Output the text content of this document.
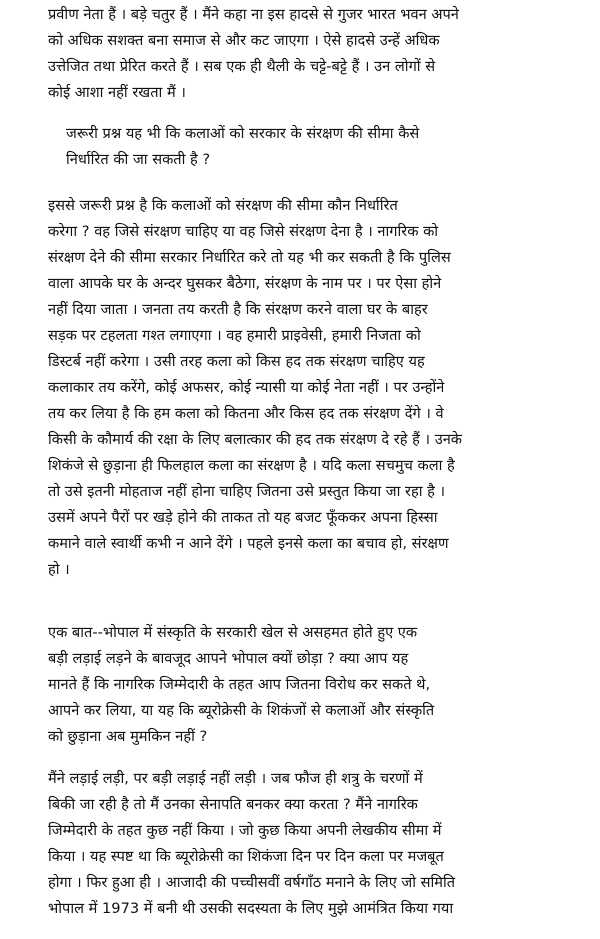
प्रवीण नेता हैं । बड़े चतुर हैं । मैंने कहा ना इस हादसे से गुजर भारत भवन अपने
को अधिक सशक्त बना समाज से और कट जाएगा । ऐसे हादसे उन्हें अधिक
उत्तेजित तथा प्रेरित करते हैं । सब एक ही थैली के चट्टे-बट्टे हैं । उन लोगों से
कोई आशा नहीं रखता मैं ।
जरूरी प्रश्न यह भी कि कलाओं को सरकार के संरक्षण की सीमा कैसे
निर्धारित की जा सकती है ?
इससे जरूरी प्रश्न है कि कलाओं को संरक्षण की सीमा कौन निर्धारित
करेगा ? वह जिसे संरक्षण चाहिए या वह जिसे संरक्षण देना है । नागरिक को
संरक्षण देने की सीमा सरकार निर्धारित करे तो यह भी कर सकती है कि पुलिस
वाला आपके घर के अन्दर घुसकर बैठेगा, संरक्षण के नाम पर । पर ऐसा होने
नहीं दिया जाता । जनता तय करती है कि संरक्षण करने वाला घर के बाहर
सड़क पर टहलता गश्त लगाएगा । वह हमारी प्राइवेसी, हमारी निजता को
डिस्टर्ब नहीं करेगा । उसी तरह कला को किस हद तक संरक्षण चाहिए यह
कलाकार तय करेंगे, कोई अफसर, कोई न्यासी या कोई नेता नहीं । पर उन्होंने
तय कर लिया है कि हम कला को कितना और किस हद तक संरक्षण देंगे । वे
किसी के कौमार्य की रक्षा के लिए बलात्कार की हद तक संरक्षण दे रहे हैं । उनके
शिकंजे से छुड़ाना ही फिलहाल कला का संरक्षण है । यदि कला सचमुच कला है
तो उसे इतनी मोहताज नहीं होना चाहिए जितना उसे प्रस्तुत किया जा रहा है ।
उसमें अपने पैरों पर खड़े होने की ताकत तो यह बजट फूँककर अपना हिस्सा
कमाने वाले स्वार्थी कभी न आने देंगे । पहले इनसे कला का बचाव हो, संरक्षण
हो ।
एक बात--भोपाल में संस्कृति के सरकारी खेल से असहमत होते हुए एक
बड़ी लड़ाई लड़ने के बावजूद आपने भोपाल क्यों छोड़ा ? क्या आप यह
मानते हैं कि नागरिक जिम्मेदारी के तहत आप जितना विरोध कर सकते थे,
आपने कर लिया, या यह कि ब्यूरोक्रेसी के शिकंजों से कलाओं और संस्कृति
को छुड़ाना अब मुमकिन नहीं ?
मैंने लड़ाई लड़ी, पर बड़ी लड़ाई नहीं लड़ी । जब फौज ही शत्रु के चरणों में
बिकी जा रही है तो मैं उनका सेनापति बनकर क्या करता ? मैंने नागरिक
जिम्मेदारी के तहत कुछ नहीं किया । जो कुछ किया अपनी लेखकीय सीमा में
किया । यह स्पष्ट था कि ब्यूरोक्रेसी का शिकंजा दिन पर दिन कला पर मजबूत
होगा । फिर हुआ ही । आजादी की पच्चीसवीं वर्षगाँठ मनाने के लिए जो समिति
भोपाल में 1973 में बनी थी उसकी सदस्यता के लिए मुझे आमंत्रित किया गया
